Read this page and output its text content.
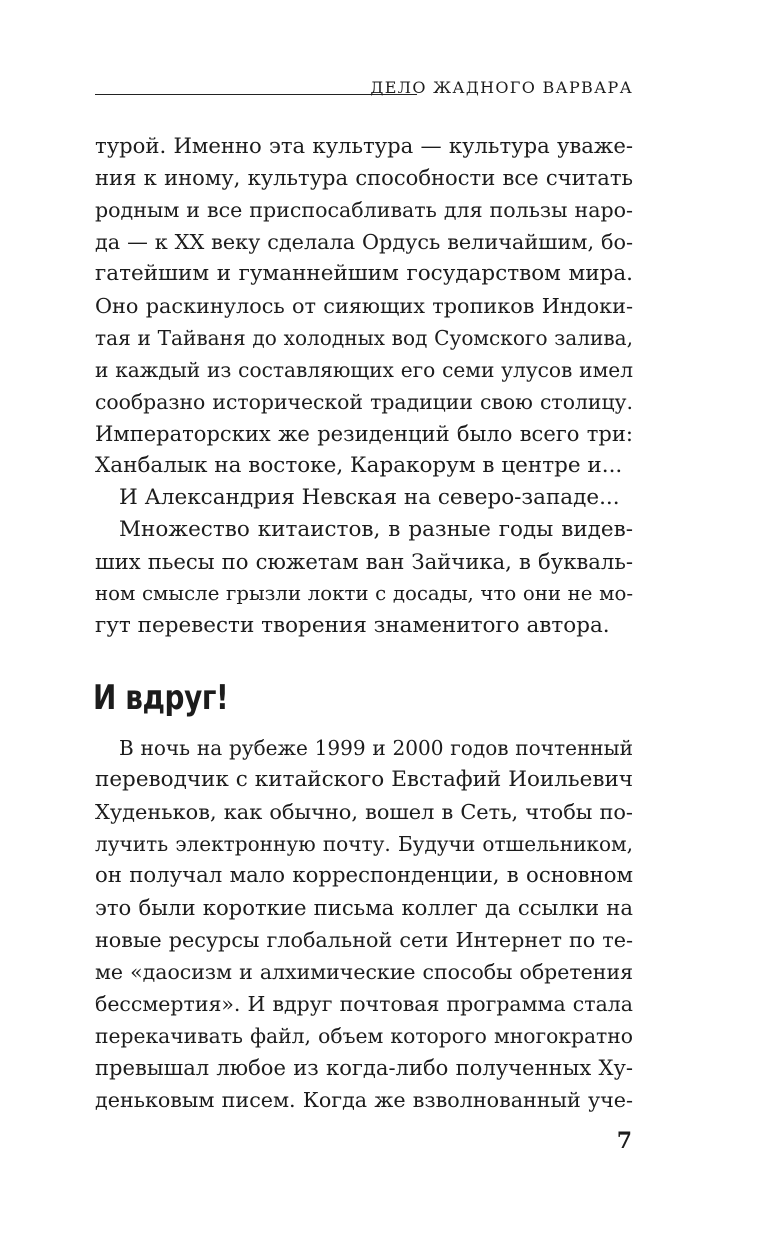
ДЕЛО ЖАДНОГО ВАРВАРА
турой. Именно эта культура — культура уваже-
ния к иному, культура способности все считать
родным и все приспосабливать для пользы наро-
да — к XX веку сделала Ордусь величайшим, бо-
гатейшим и гуманнейшим государством мира.
Оно раскинулось от сияющих тропиков Индоки-
тая и Тайваня до холодных вод Суомского залива,
и каждый из составляющих его семи улусов имел
сообразно исторической традиции свою столицу.
Императорских же резиденций было всего три:
Ханбалык на востоке, Каракорум в центре и...
И Александрия Невская на северо-западе...
Множество китаистов, в разные годы видев-
ших пьесы по сюжетам ван Зайчика, в букваль-
ном смысле грызли локти с досады, что они не мо-
гут перевести творения знаменитого автора.
И вдруг!
В ночь на рубеже 1999 и 2000 годов почтенный
переводчик с китайского Евстафий Иоильевич
Худеньков, как обычно, вошел в Сеть, чтобы по-
лучить электронную почту. Будучи отшельником,
он получал мало корреспонденции, в основном
это были короткие письма коллег да ссылки на
новые ресурсы глобальной сети Интернет по те-
ме «даосизм и алхимические способы обретения
бессмертия». И вдруг почтовая программа стала
перекачивать файл, объем которого многократно
превышал любое из когда-либо полученных Ху-
деньковым писем. Когда же взволнованный уче-
7
